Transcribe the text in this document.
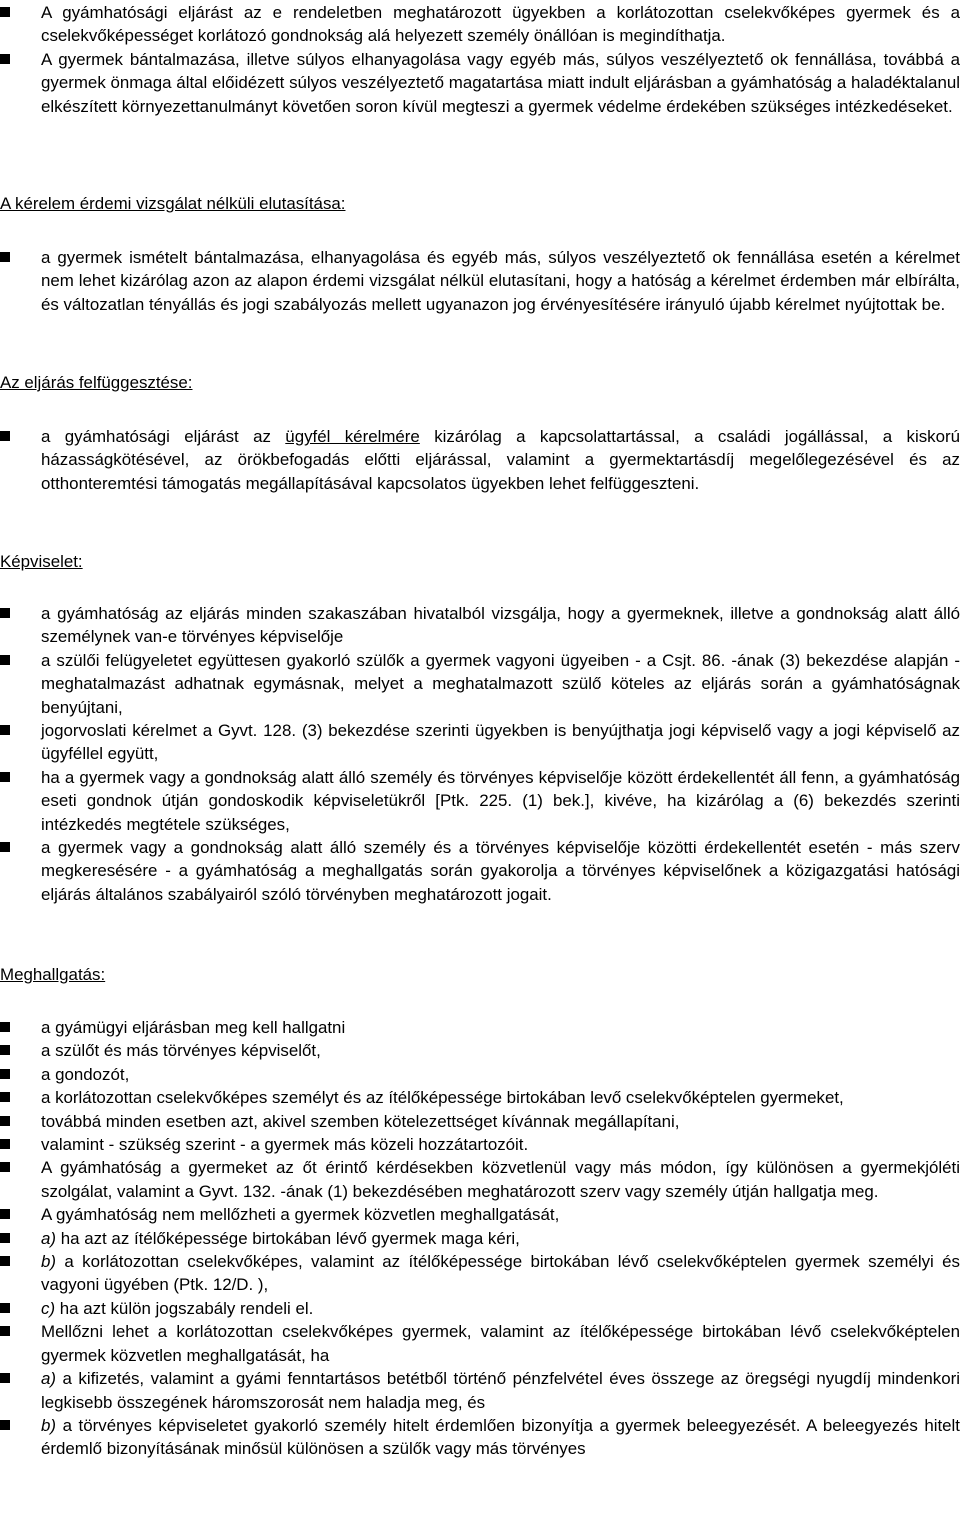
A gyámhatósági eljárást az e rendeletben meghatározott ügyekben a korlátozottan cselekvőképes gyermek és a cselekvőképességet korlátozó gondnokság alá helyezett személy önállóan is megindíthatja.
A gyermek bántalmazása, illetve súlyos elhanyagolása vagy egyéb más, súlyos veszélyeztető ok fennállása, továbbá a gyermek önmaga által előidézett súlyos veszélyeztető magatartása miatt indult eljárásban a gyámhatóság a haladéktalanul elkészített környezettanulmányt követően soron kívül megteszi a gyermek védelme érdekében szükséges intézkedéseket.
A kérelem érdemi vizsgálat nélküli elutasítása:
a gyermek ismételt bántalmazása, elhanyagolása és egyéb más, súlyos veszélyeztető ok fennállása esetén a kérelmet nem lehet kizárólag azon az alapon érdemi vizsgálat nélkül elutasítani, hogy a hatóság a kérelmet érdemben már elbírálta, és változatlan tényállás és jogi szabályozás mellett ugyanazon jog érvényesítésére irányuló újabb kérelmet nyújtottak be.
Az eljárás felfüggesztése:
a gyámhatósági eljárást az ügyfél kérelmére kizárólag a kapcsolattartással, a családi jogállással, a kiskorú házasságkötésével, az örökbefogadás előtti eljárással, valamint a gyermektartásdíj megelőlegezésével és az otthonteremtési támogatás megállapításával kapcsolatos ügyekben lehet felfüggeszteni.
Képviselet:
a gyámhatóság az eljárás minden szakaszában hivatalból vizsgálja, hogy a gyermeknek, illetve a gondnokság alatt álló személynek van-e törvényes képviselője
a szülői felügyeletet együttesen gyakorló szülők a gyermek vagyoni ügyeiben - a Csjt. 86. -ának (3) bekezdése alapján - meghatalmazást adhatnak egymásnak, melyet a meghatalmazott szülő köteles az eljárás során a gyámhatóságnak benyújtani,
jogorvoslati kérelmet a Gyvt. 128. (3) bekezdése szerinti ügyekben is benyújthatja jogi képviselő vagy a jogi képviselő az ügyféllel együtt,
ha a gyermek vagy a gondnokság alatt álló személy és törvényes képviselője között érdekellentét áll fenn, a gyámhatóság eseti gondnok útján gondoskodik képviseletükről [Ptk. 225. (1) bek.], kivéve, ha kizárólag a (6) bekezdés szerinti intézkedés megtétele szükséges,
a gyermek vagy a gondnokság alatt álló személy és a törvényes képviselője közötti érdekellentét esetén - más szerv megkeresésére - a gyámhatóság a meghallgatás során gyakorolja a törvényes képviselőnek a közigazgatási hatósági eljárás általános szabályairól szóló törvényben meghatározott jogait.
Meghallgatás:
a gyámügyi eljárásban meg kell hallgatni
a szülőt és más törvényes képviselőt,
a gondozót,
a korlátozottan cselekvőképes személyt és az ítélőképessége birtokában levő cselekvőképtelen gyermeket,
továbbá minden esetben azt, akivel szemben kötelezettséget kívánnak megállapítani,
valamint - szükség szerint - a gyermek más közeli hozzátartozóit.
A gyámhatóság a gyermeket az őt érintő kérdésekben közvetlenül vagy más módon, így különösen a gyermekjóléti szolgálat, valamint a Gyvt. 132. -ának (1) bekezdésében meghatározott szerv vagy személy útján hallgatja meg.
A gyámhatóság nem mellőzheti a gyermek közvetlen meghallgatását,
a) ha azt az ítélőképessége birtokában lévő gyermek maga kéri,
b) a korlátozottan cselekvőképes, valamint az ítélőképessége birtokában lévő cselekvőképtelen gyermek személyi és vagyoni ügyében (Ptk. 12/D. ),
c) ha azt külön jogszabály rendeli el.
Mellőzni lehet a korlátozottan cselekvőképes gyermek, valamint az ítélőképessége birtokában lévő cselekvőképtelen gyermek közvetlen meghallgatását, ha
a) a kifizetés, valamint a gyámi fenntartásos betétből történő pénzfelvétel éves összege az öregségi nyugdíj mindenkori legkisebb összegének háromszorosát nem haladja meg, és
b) a törvényes képviseletet gyakorló személy hitelt érdemlően bizonyítja a gyermek beleegyezését. A beleegyezés hitelt érdemlő bizonyításának minősül különösen a szülők vagy más törvényes
